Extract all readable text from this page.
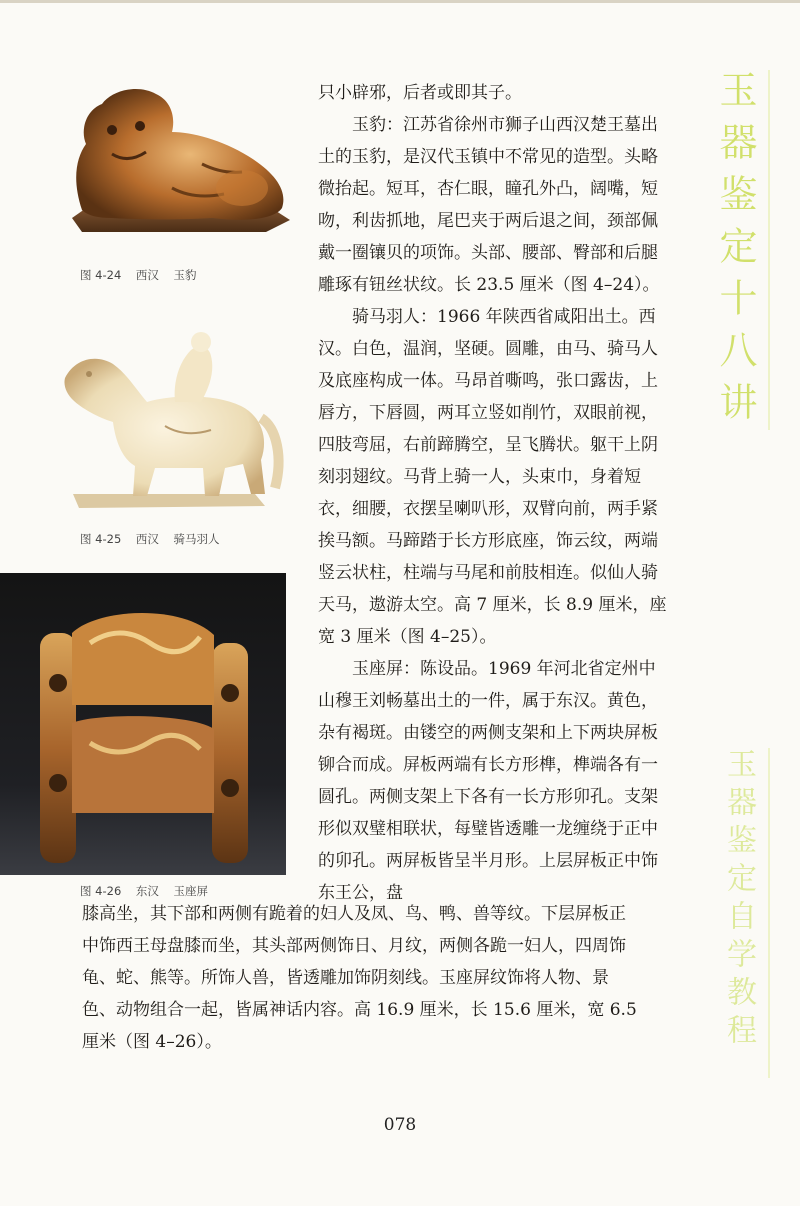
图 4-24    西汉    玉豹
图 4-25    西汉    骑马羽人
图 4-26    东汉    玉座屏

只小辟邪，后者或即其子。

玉豹：江苏省徐州市狮子山西汉楚王墓出土的玉豹，是汉代玉镇中不常见的造型。头略微抬起。短耳，杏仁眼，瞳孔外凸，阔嘴，短吻，利齿抓地，尾巴夹于两后退之间，颈部佩戴一圈镶贝的项饰。头部、腰部、臀部和后腿雕琢有钮丝状纹。长 23.5 厘米（图 4–24）。

骑马羽人：1966 年陕西省咸阳出土。西汉。白色，温润，坚硬。圆雕，由马、骑马人及底座构成一体。马昂首嘶鸣，张口露齿，上唇方，下唇圆，两耳立竖如削竹，双眼前视，四肢弯屈，右前蹄腾空，呈飞腾状。躯干上阴刻羽翅纹。马背上骑一人，头束巾，身着短衣，细腰，衣摆呈喇叭形，双臂向前，两手紧挨马额。马蹄踏于长方形底座，饰云纹，两端竖云状柱，柱端与马尾和前肢相连。似仙人骑天马，遨游太空。高 7 厘米，长 8.9 厘米，座宽 3 厘米（图 4–25）。

玉座屏：陈设品。1969 年河北省定州中山穆王刘畅墓出土的一件，属于东汉。黄色，杂有褐斑。由镂空的两侧支架和上下两块屏板铆合而成。屏板两端有长方形榫，榫端各有一圆孔。两侧支架上下各有一长方形卯孔。支架形似双璧相联状，每璧皆透雕一龙缠绕于正中的卯孔。两屏板皆呈半月形。上层屏板正中饰东王公，盘

膝高坐，其下部和两侧有跪着的妇人及凤、鸟、鸭、兽等纹。下层屏板正
中饰西王母盘膝而坐，其头部两侧饰日、月纹，两侧各跪一妇人，四周饰
龟、蛇、熊等。所饰人兽，皆透雕加饰阴刻线。玉座屏纹饰将人物、景
色、动物组合一起，皆属神话内容。高 16.9 厘米，长 15.6 厘米，宽 6.5
厘米（图 4–26）。
玉器鉴定十八讲
玉器鉴定自学教程
078
